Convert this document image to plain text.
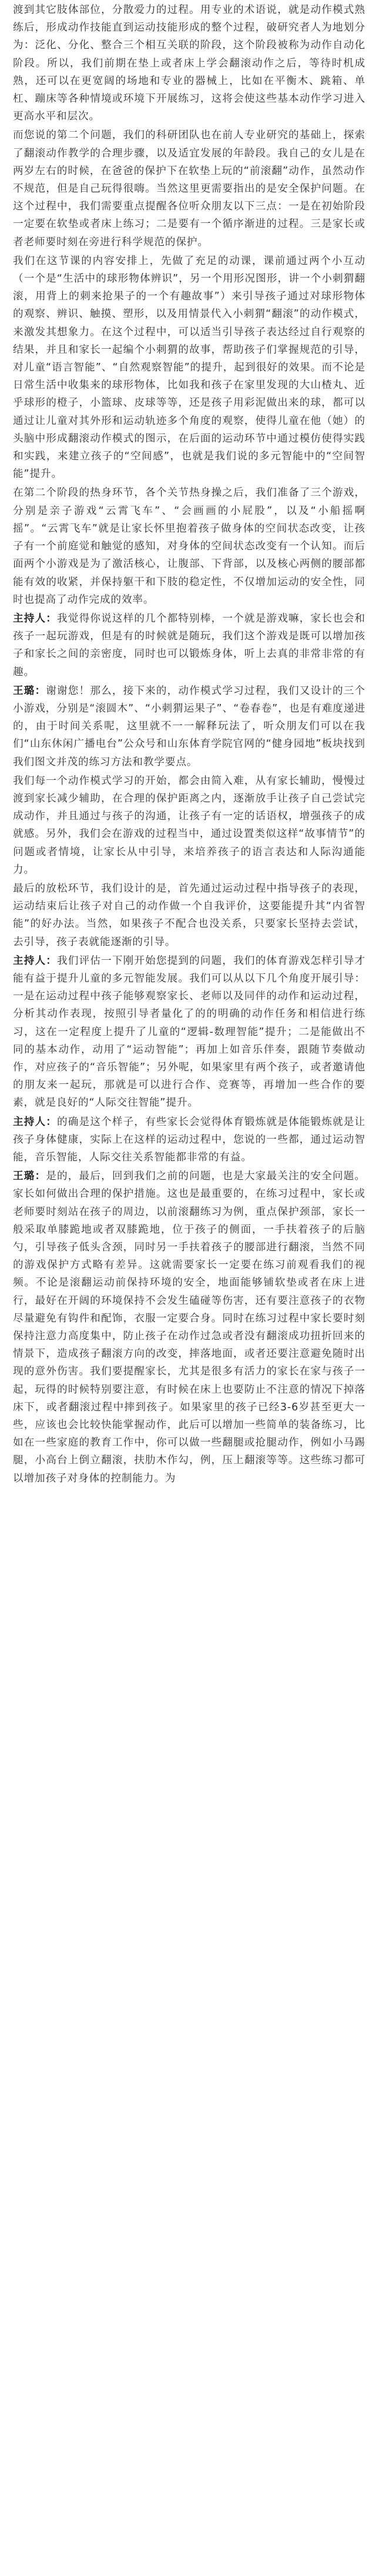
渡到其它肢体部位，分散爱力的过程。用专业的术语说，就是动作模式熟练后，形成动作技能直到运动技能形成的整个过程，破研究者人为地划分为：泛化、分化、整合三个相互关联的阶段，这个阶段被称为动作自动化阶段。所以，我们前期在垫上或者床上学会翻滚动作之后，等待时机成熟，还可以在更宽阔的场地和专业的器械上，比如在平衡木、跳箱、单杠、蹦床等各种情境或环境下开展练习，这将会使这些基本动作学习进入更高水平和层次。

而您说的第二个问题，我们的科研团队也在前人专业研究的基础上，探索了翻滚动作教学的合理步骤，以及适宜发展的年龄段。我自己的女儿是在两岁左右的时候，在爸爸的保护下在软垫上玩的“前滚翻”动作，虽然动作不规范，但是自己玩得很嗨。当然这里更需要指出的是安全保护问题。在这个过程中，我们需要重点提醒各位听众朋友以下三点：一是在初始阶段一定要在软垫或者床上练习；二是要有一个循序渐进的过程。三是家长或者老师要时刻在旁进行科学规范的保护。

我们在这节课的内容安排上，先做了充足的动课，课前通过两个小互动（一个是“生活中的球形物体辨识”，另一个用形况图形，讲一个小刺猬翻滚，用背上的刺来抢果子的一个有趣故事”）来引导孩子通过对球形物体的观察、辨识、触摸、塑形，以及用情景代入小刺猬“翻滚”的动作模式，来激发其想象力。在这个过程中，可以适当引导孩子表达经过自行观察的结果，并且和家长一起编个小刺猬的故事，帮助孩子们掌握规范的引导，对儿童“语言智能”、“自然观察智能”的提升，起到很好的效果。而不论是日常生活中收集来的球形物体，比如我和孩子在家里发现的大山楂丸、近乎球形的橙子，小篮球、皮球等等，还是孩子用彩泥做出来的球，都可以通过让儿童对其外形和运动轨迹多个角度的观察，使得儿童在他（她）的头脑中形成翻滚动作模式的图示，在后面的运动环节中通过模仿使得实践和实践，来建立孩子的“空间感”，也就是我们说的多元智能中的“空间智能”提升。

在第二个阶段的热身环节，各个关节热身操之后，我们准备了三个游戏，分别是亲子游戏“云霄飞车”、“会画画的小屁股”，以及“小船摇啊摇”。“云霄飞车”就是让家长怀里抱着孩子做身体的空间状态改变，让孩子有一个前庭觉和触觉的感知，对身体的空间状态改变有一个认知。而后面两个小游戏是为了激活核心，让腹部、下背部，以及核心两侧的腰部都能有效的收紧，并保持躯干和下肢的稳定性，不仅增加运动的安全性，同时也提高了动作完成的效率。

主持人：我觉得你说这样的几个都特别棒，一个就是游戏嘛，家长也会和孩子一起玩游戏，但是有的时候就是随玩，我们这个游戏是既可以增加孩子和家长之间的亲密度，同时也可以锻炼身体，听上去真的非常非常的有趣。

王璐：谢谢您！那么，接下来的，动作模式学习过程，我们又设计的三个小游戏，分别是“滚圆木”、“小刺猬运果子”、“卷春卷”，也是有难度递进的，由于时间关系呢，这里就不一一解释玩法了，听众朋友们可以在我们“山东休闲广播电台”公众号和山东体育学院官网的“健身园地”板块找到我们图文并茂的练习方法和教学要点。

我们每一个动作模式学习的开始，都会由简入难，从有家长辅助，慢慢过渡到家长减少辅助，在合理的保护距离之内，逐渐放手让孩子自己尝试完成动作，并且通过与孩子的沟通，让孩子有一定的话语权，增强孩子的成就感。另外，我们会在游戏的过程当中，通过设置类似这样“故事情节”的问题或者情境，让家长从中引导，来培养孩子的语言表达和人际沟通能力。

最后的放松环节，我们设计的是，首先通过运动过程中指导孩子的表现，运动结束后让孩子对自己的动作做一个自我评价，这要能提升其“内省智能”的好办法。当然，如果孩子不配合也没关系，只要家长坚持去尝试，去引导，孩子表就能逐渐的引导。

主持人：我们评估一下刚开始您提到的问题，我们的体育游戏怎样引导才能有益于提升儿童的多元智能发展。我们可以从以下几个角度开展引导：一是在运动过程中孩子能够观察家长、老师以及同伴的动作和运动过程，分析其动作表现，按照引导者量化了的的明确的动作任务和相信进行练习，这在一定程度上提升了儿童的“逻辑-数理智能”提升；二是能做出不同的基本动作，动用了“运动智能”；再加上如音乐伴奏，跟随节奏做动作，对应孩子的“音乐智能”；另外呢，如果家里有两个孩子，或者邀请他的朋友来一起玩，那就是可以进行合作、竞赛等，再增加一些合作的要素，就是良好的“人际交往智能”提升。

主持人：的确是这个样子，有些家长会觉得体育锻炼就是体能锻炼就是让孩子身体健康，实际上在这样的运动过程中，您说的一些都，通过运动智能，音乐智能，人际交往关系智能都非常的有益。

王璐：是的，最后，回到我们之前的问题，也是大家最关注的安全问题。家长如何做出合理的保护措施。这也是最重要的，在练习过程中，家长或老师要时刻站在孩子的周边，以前滚翻练习为例，重点保护颈部，家长一般采取单膝跪地或者双膝跪地，位于孩子的侧面，一手扶着孩子的后脑勺，引导孩子低头含颈，同时另一手扶着孩子的腰部进行翻滚，当然不同的游戏保护方式略有差异。这就需要家长一定要在练习前观看我们的视频。不论是滚翻运动前保持环境的安全，地面能够铺软垫或者在床上进行，最好在开阔的环境保持不会发生磕碰等伤害，还有要注意孩子的衣物尽量避免有钩件和配饰，衣服一定要合身。同时在练习过程中家长要时刻保持注意力高度集中，防止孩子在动作过急或者没有翻滚成功扭折回来的情景下，造成孩子翻滚方向的改变，摔落地面，或者还要注意避免随时出现的意外伤害。我们要提醒家长，尤其是很多有活力的家长在家与孩子一起，玩得的时候特别要注意，有时候在床上也要防止不注意的情况下掉落床下，或者翻滚过程中摔到孩子。如果家里的孩子已经3-6岁甚至更大一些，应该也会比较快能掌握动作，此后可以增加一些简单的装备练习，比如在一些家庭的教育工作中，你可以做一些翻腿或抢腿动作，例如小马踢腿，小高台上倒立翻滚，扶肋木作勾，例，压上翻滚等等。这些练习都可以增加孩子对身体的控制能力。为
